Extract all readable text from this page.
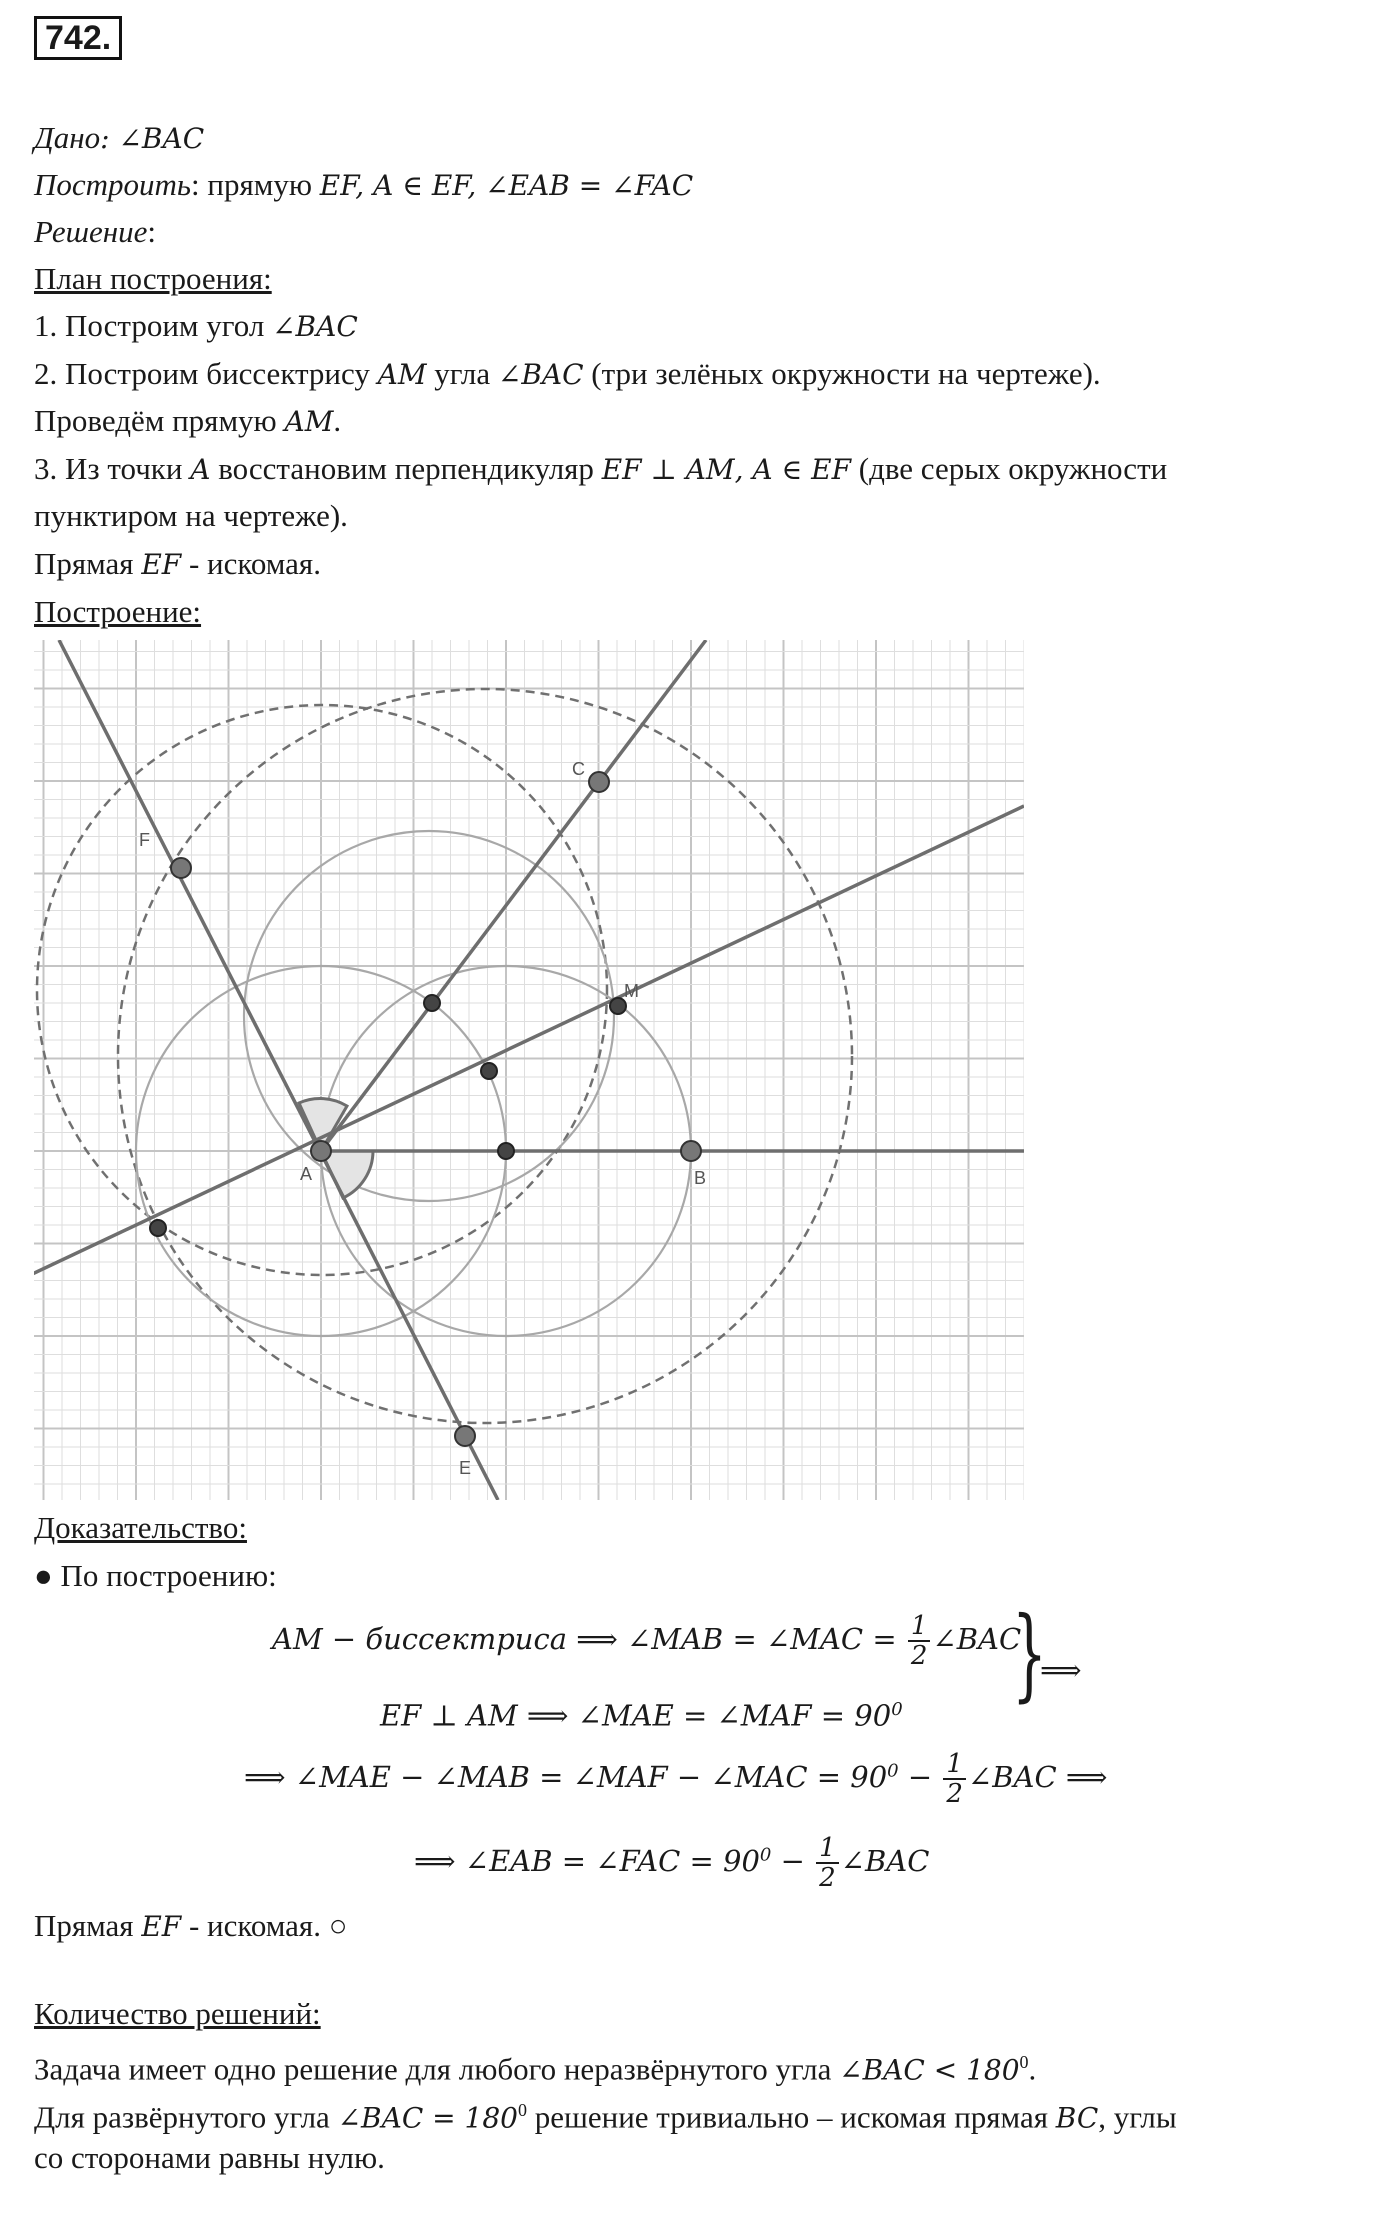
742.
Дано: ∠BAC
Построить: прямую EF, A ∈ EF, ∠EAB = ∠FAC
Решение:
План построения:
1. Построим угол ∠BAC
2. Построим биссектрису AM угла ∠BAC (три зелёных окружности на чертеже).
Проведём прямую AM.
3. Из точки A восстановим перпендикуляр EF ⊥ AM, A ∈ EF (две серых окружности
пунктиром на чертеже).
Прямая EF - искомая.
Построение:
A	B
C
F
E
M
Доказательство:
● По построению:
AM − биссектриса ⟹ ∠MAB = ∠MAC = $\frac{1}{2}$ ∠BAC
EF ⊥ AM ⟹ ∠MAE = ∠MAF = $90^0$ }
⟹
⟹ ∠MAE − ∠MAB = ∠MAF − ∠MAC = $90^0 - \frac{1}{2}$ ∠BAC ⟹
⟹ ∠EAB = ∠FAC = $90^0 - \frac{1}{2}$ ∠BAC
Прямая EF - искомая. ○
Количество решений:
Задача имеет одно решение для любого неразвёрнутого угла ∠BAC < $180^0$.
Для развёрнутого угла ∠BAC = $180^0$ решение тривиально – искомая прямая BC, углы
со сторонами равны нулю.
